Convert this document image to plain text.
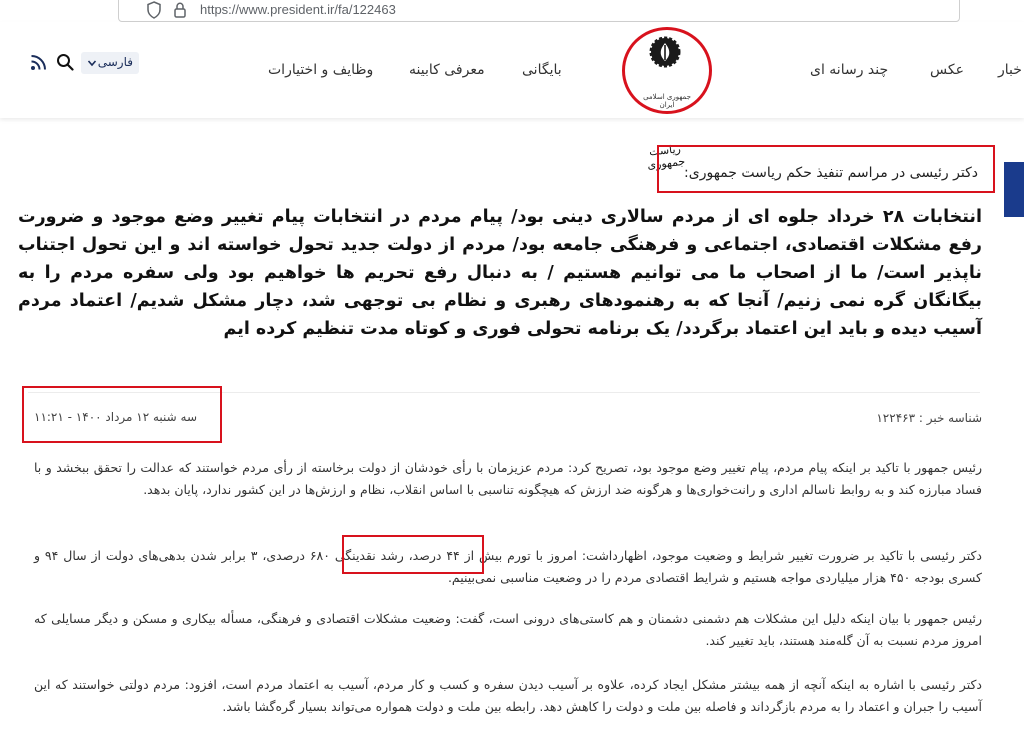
https://www.president.ir/fa/122463
فارسی	وظایف و اختیارات	معرفی کابینه	بایگانی	چند رسانه ای	عکس خبار
ریاست جمهوری
جمهوری اسلامی ایران
دکتر رئیسی در مراسم تنفیذ حکم ریاست جمهوری:
انتخابات ۲۸ خرداد جلوه ای از مردم سالاری دینی بود/ پیام مردم در انتخابات پیام تغییر وضع موجود و ضرورت رفع مشکلات اقتصادی، اجتماعی و فرهنگی جامعه بود/ مردم از دولت جدید تحول خواسته اند و این تحول اجتناب ناپذیر است/ ما از اصحاب ما می توانیم هستیم / به دنبال رفع تحریم ها خواهیم بود ولی سفره مردم را به بیگانگان گره نمی زنیم/ آنجا که به رهنمودهای رهبری و نظام بی توجهی شد، دچار مشکل شدیم/ اعتماد مردم آسیب دیده و باید این اعتماد برگردد/ یک برنامه تحولی فوری و کوتاه مدت تنظیم کرده ایم
سه شنبه ۱۲ مرداد ۱۴۰۰ - ۱۱:۲۱	شناسه خبر : ۱۲۲۴۶۳
رئیس جمهور با تاکید بر اینکه پیام مردم، پیام تغییر وضع موجود بود، تصریح کرد: مردم عزیزمان با رأی خودشان از دولت برخاسته از رأی مردم خواستند که عدالت را تحقق ببخشد و با فساد مبارزه کند و به روابط ناسالم اداری و رانت‌خواری‌ها و هرگونه ضد ارزش که هیچگونه تناسبی با اساس انقلاب، نظام و ارزش‌ها در این کشور ندارد، پایان بدهد.
دکتر رئیسی با تاکید بر ضرورت تغییر شرایط و وضعیت موجود، اظهارداشت: امروز با تورم بیش از ۴۴ درصد، رشد نقدینگی ۶۸۰ درصدی، ۳ برابر شدن بدهی‌های دولت از سال ۹۴ و کسری بودجه ۴۵۰ هزار میلیاردی مواجه هستیم و شرایط اقتصادی مردم را در وضعیت مناسبی نمی‌بینیم.
رئیس جمهور با بیان اینکه دلیل این مشکلات هم دشمنی دشمنان و هم کاستی‌های درونی است، گفت: وضعیت مشکلات اقتصادی و فرهنگی، مسأله بیکاری و مسکن و دیگر مسایلی که امروز مردم نسبت به آن گله‌مند هستند، باید تغییر کند.
دکتر رئیسی با اشاره به اینکه آنچه از همه بیشتر مشکل ایجاد کرده، علاوه بر آسیب دیدن سفره و کسب و کار مردم، آسیب به اعتماد مردم است، افزود: مردم دولتی خواستند که این آسیب را جبران و اعتماد را به مردم بازگرداند و فاصله بین ملت و دولت را کاهش دهد. رابطه بین ملت و دولت همواره می‌تواند بسیار گره‌گشا باشد.
